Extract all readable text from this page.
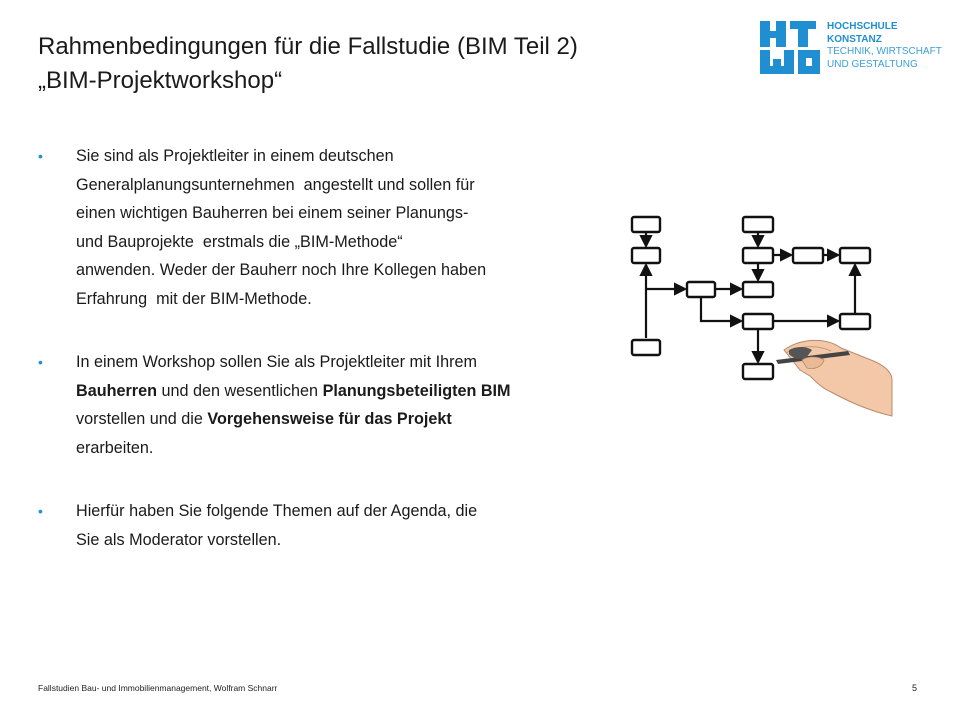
Rahmenbedingungen für die Fallstudie (BIM Teil 2)
„BIM-Projektworkshop“
HOCHSCHULE
KONSTANZ
TECHNIK, WIRTSCHAFT
UND GESTALTUNG
• Sie sind als Projektleiter in einem deutschen
Generalplanungsunternehmen  angestellt und sollen für
einen wichtigen Bauherren bei einem seiner Planungs-
und Bauprojekte  erstmals die „BIM-Methode“
anwenden. Weder der Bauherr noch Ihre Kollegen haben
Erfahrung  mit der BIM-Methode.
• In einem Workshop sollen Sie als Projektleiter mit Ihrem
Bauherren und den wesentlichen Planungsbeteiligten BIM
vorstellen und die Vorgehensweise für das Projekt
erarbeiten.
• Hierfür haben Sie folgende Themen auf der Agenda, die
Sie als Moderator vorstellen.
Fallstudien Bau- und Immobilienmanagement, Wolfram Schnarr	5
